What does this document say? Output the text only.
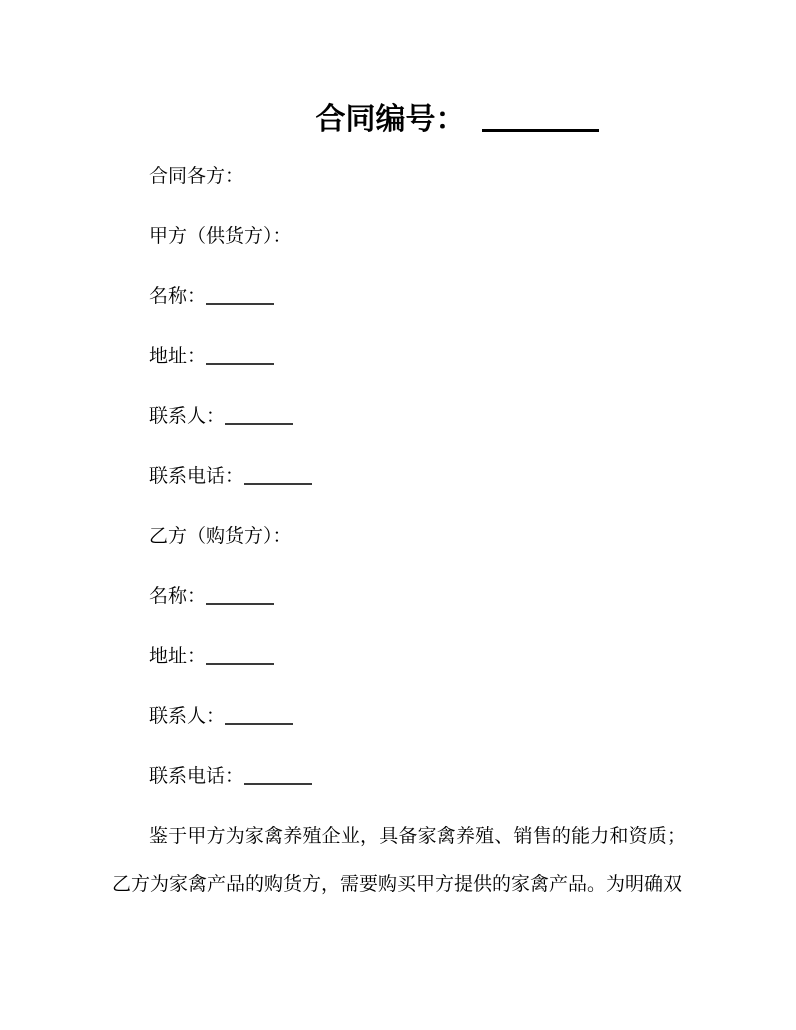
合同编号：

合同各方：

甲方（供货方）：

名称：

地址：

联系人：

联系电话：

乙方（购货方）：

名称：

地址：

联系人：

联系电话：

鉴于甲方为家禽养殖企业，具备家禽养殖、销售的能力和资质；
乙方为家禽产品的购货方，需要购买甲方提供的家禽产品。为明确双
